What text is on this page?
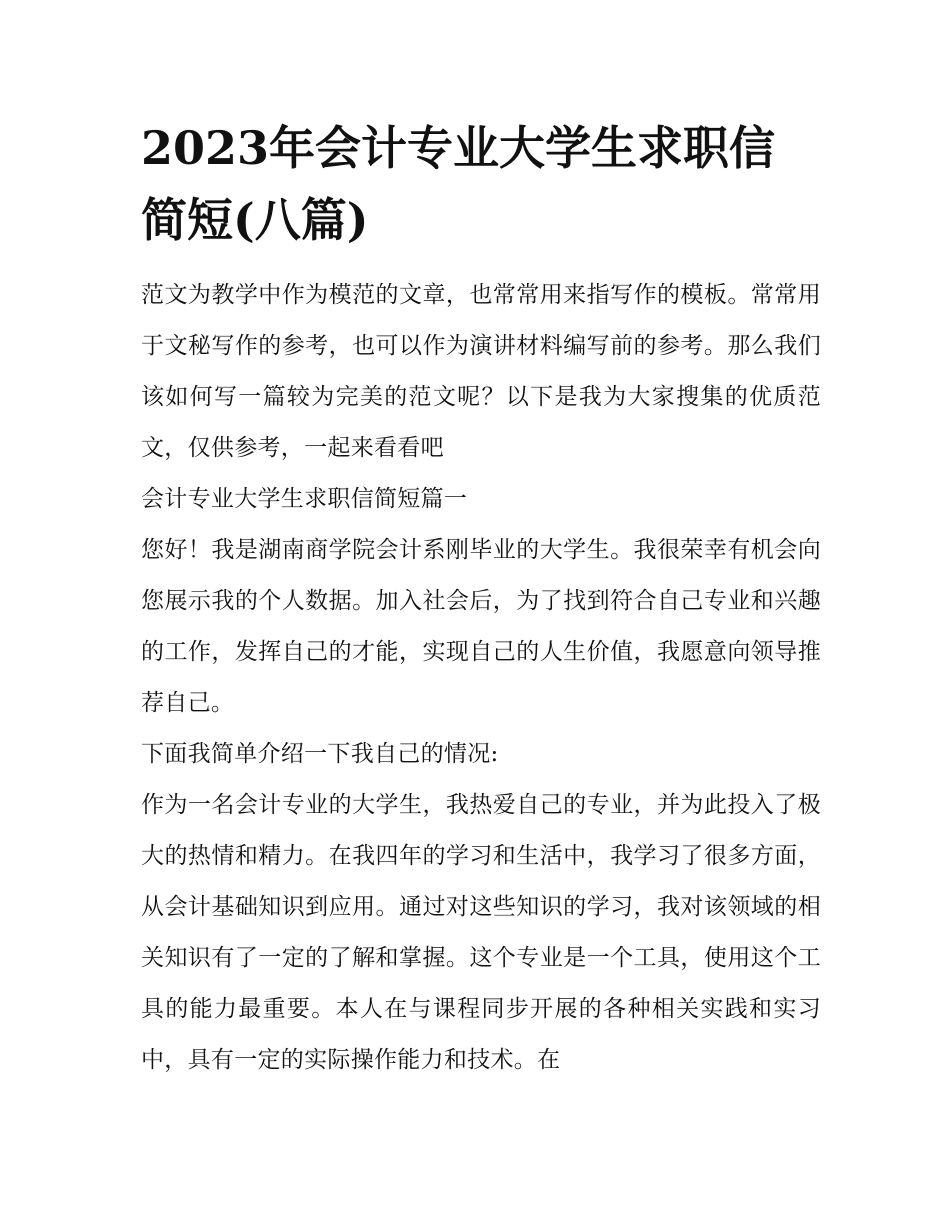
2023年会计专业大学生求职信简短(八篇)

范文为教学中作为模范的文章，也常常用来指写作的模板。常常用于文秘写作的参考，也可以作为演讲材料编写前的参考。那么我们该如何写一篇较为完美的范文呢？以下是我为大家搜集的优质范文，仅供参考，一起来看看吧

会计专业大学生求职信简短篇一

您好！我是湖南商学院会计系刚毕业的大学生。我很荣幸有机会向您展示我的个人数据。加入社会后，为了找到符合自己专业和兴趣的工作，发挥自己的才能，实现自己的人生价值，我愿意向领导推荐自己。

下面我简单介绍一下我自己的情况:

作为一名会计专业的大学生，我热爱自己的专业，并为此投入了极大的热情和精力。在我四年的学习和生活中，我学习了很多方面，从会计基础知识到应用。通过对这些知识的学习，我对该领域的相关知识有了一定的了解和掌握。这个专业是一个工具，使用这个工具的能力最重要。本人在与课程同步开展的各种相关实践和实习中，具有一定的实际操作能力和技术。在
